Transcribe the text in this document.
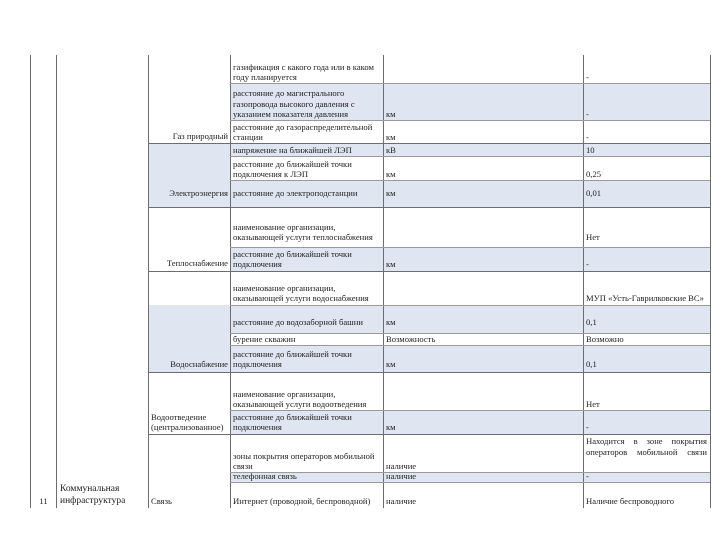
11
Коммунальная инфраструктура
Газ природный
Электроэнергия
Теплоснабжение
Водоснабжение
Водоотведение (централизованное)
Связь
газификация с какого года или в каком году планируется
расстояние до магистрального газопровода высокого давления с указанием показателя давления
расстояние до газораспределительной станции
напряжение на ближайшей ЛЭП
расстояние до ближайшей точки подключения к ЛЭП
расстояние до электроподстанции
наименование организации, оказывающей услуги теплоснабжения
расстояние до ближайшей точки подключения
наименование организации, оказывающей услуги водоснабжения
расстояние до водозаборной башни
бурение скважин
расстояние до ближайшей точки подключения
наименование организации, оказывающей услуги водоотведения
расстояние до ближайшей точки подключения
зоны покрытия операторов мобильной связи
телефонная связь
Интернет (проводной, беспроводной)
км
км
кВ
км
км
км
км
Возможность
км
км
наличие
наличие
наличие
-
-
-
10
0,25
0,01
Нет
-
МУП «Усть-Гаврилковские ВС»
0,1
Возможно
0,1
Нет
-
Находится в зоне покрытия операторов мобильной связи
-
Наличие беспроводного
